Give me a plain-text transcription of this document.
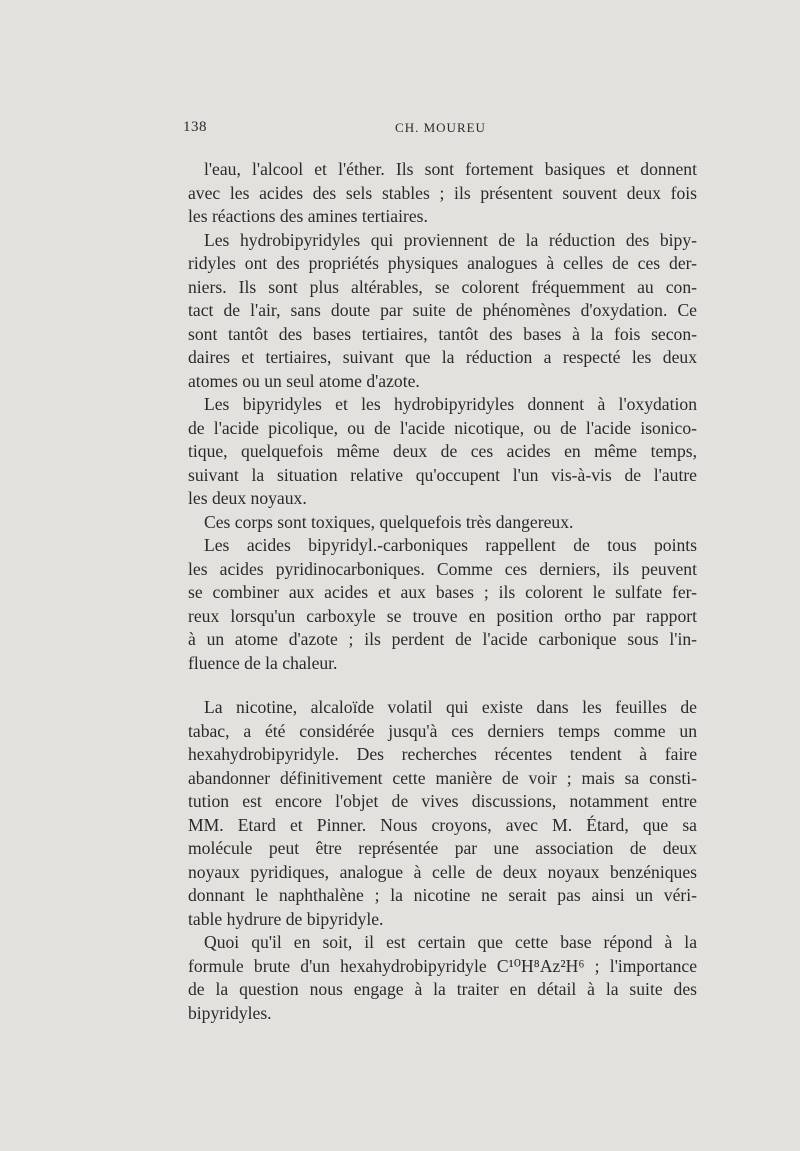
138	CH. MOUREU
l'eau, l'alcool et l'éther. Ils sont fortement basiques et donnent
avec les acides des sels stables ; ils présentent souvent deux fois
les réactions des amines tertiaires.
Les hydrobipyridyles qui proviennent de la réduction des bipy-
ridyles ont des propriétés physiques analogues à celles de ces der-
niers. Ils sont plus altérables, se colorent fréquemment au con-
tact de l'air, sans doute par suite de phénomènes d'oxydation. Ce
sont tantôt des bases tertiaires, tantôt des bases à la fois secon-
daires et tertiaires, suivant que la réduction a respecté les deux
atomes ou un seul atome d'azote.
Les bipyridyles et les hydrobipyridyles donnent à l'oxydation
de l'acide picolique, ou de l'acide nicotique, ou de l'acide isonico-
tique, quelquefois même deux de ces acides en même temps,
suivant la situation relative qu'occupent l'un vis-à-vis de l'autre
les deux noyaux.
Ces corps sont toxiques, quelquefois très dangereux.
Les acides bipyridyl.-carboniques rappellent de tous points
les acides pyridinocarboniques. Comme ces derniers, ils peuvent
se combiner aux acides et aux bases ; ils colorent le sulfate fer-
reux lorsqu'un carboxyle se trouve en position ortho par rapport
à un atome d'azote ; ils perdent de l'acide carbonique sous l'in-
fluence de la chaleur.
La nicotine, alcaloïde volatil qui existe dans les feuilles de
tabac, a été considérée jusqu'à ces derniers temps comme un
hexahydrobipyridyle. Des recherches récentes tendent à faire
abandonner définitivement cette manière de voir ; mais sa consti-
tution est encore l'objet de vives discussions, notamment entre
MM. Etard et Pinner. Nous croyons, avec M. Étard, que sa
molécule peut être représentée par une association de deux
noyaux pyridiques, analogue à celle de deux noyaux benzéniques
donnant le naphthalène ; la nicotine ne serait pas ainsi un véri-
table hydrure de bipyridyle.
Quoi qu'il en soit, il est certain que cette base répond à la
formule brute d'un hexahydrobipyridyle C¹⁰H⁸Az²H⁶ ; l'importance
de la question nous engage à la traiter en détail à la suite des
bipyridyles.
